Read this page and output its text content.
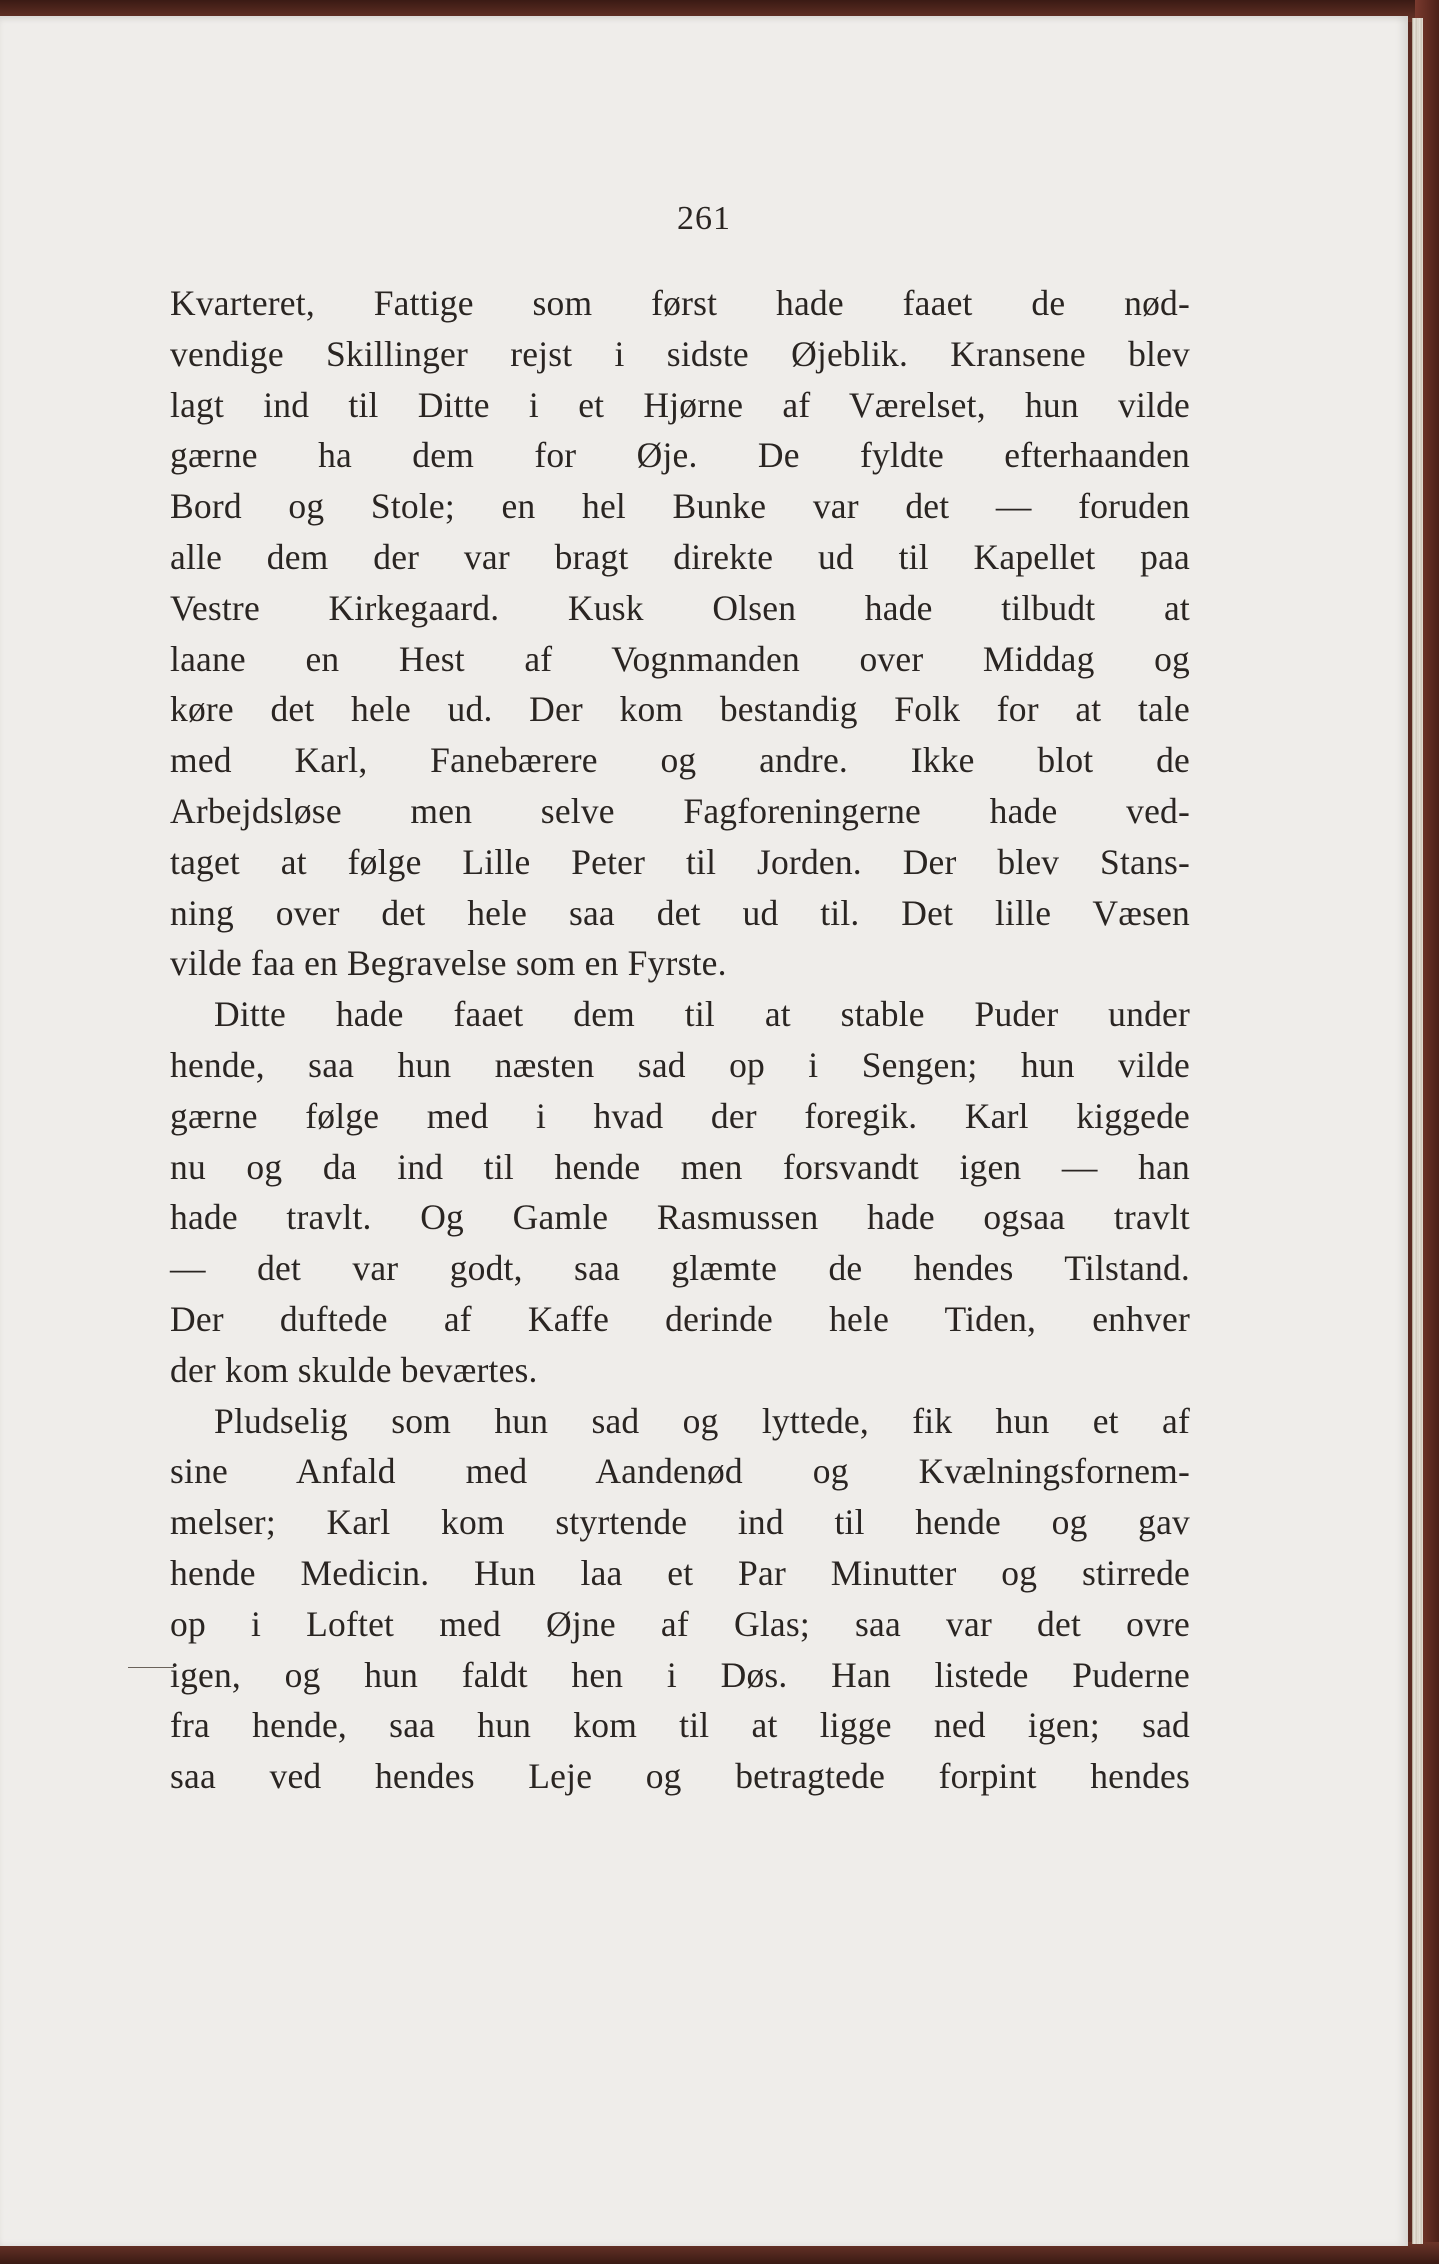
261
Kvarteret, Fattige som først hade faaet de nød-
vendige Skillinger rejst i sidste Øjeblik. Kransene blev
lagt ind til Ditte i et Hjørne af Værelset, hun vilde
gærne ha dem for Øje. De fyldte efterhaanden
Bord og Stole; en hel Bunke var det — foruden
alle dem der var bragt direkte ud til Kapellet paa
Vestre Kirkegaard. Kusk Olsen hade tilbudt at
laane en Hest af Vognmanden over Middag og
køre det hele ud. Der kom bestandig Folk for at tale
med Karl, Fanebærere og andre. Ikke blot de
Arbejdsløse men selve Fagforeningerne hade ved-
taget at følge Lille Peter til Jorden. Der blev Stans-
ning over det hele saa det ud til. Det lille Væsen
vilde faa en Begravelse som en Fyrste.
Ditte hade faaet dem til at stable Puder under
hende, saa hun næsten sad op i Sengen; hun vilde
gærne følge med i hvad der foregik. Karl kiggede
nu og da ind til hende men forsvandt igen — han
hade travlt. Og Gamle Rasmussen hade ogsaa travlt
— det var godt, saa glæmte de hendes Tilstand.
Der duftede af Kaffe derinde hele Tiden, enhver
der kom skulde beværtes.
Pludselig som hun sad og lyttede, fik hun et af
sine Anfald med Aandenød og Kvælningsfornem-
melser; Karl kom styrtende ind til hende og gav
hende Medicin. Hun laa et Par Minutter og stirrede
op i Loftet med Øjne af Glas; saa var det ovre
igen, og hun faldt hen i Døs. Han listede Puderne
fra hende, saa hun kom til at ligge ned igen; sad
saa ved hendes Leje og betragtede forpint hendes
